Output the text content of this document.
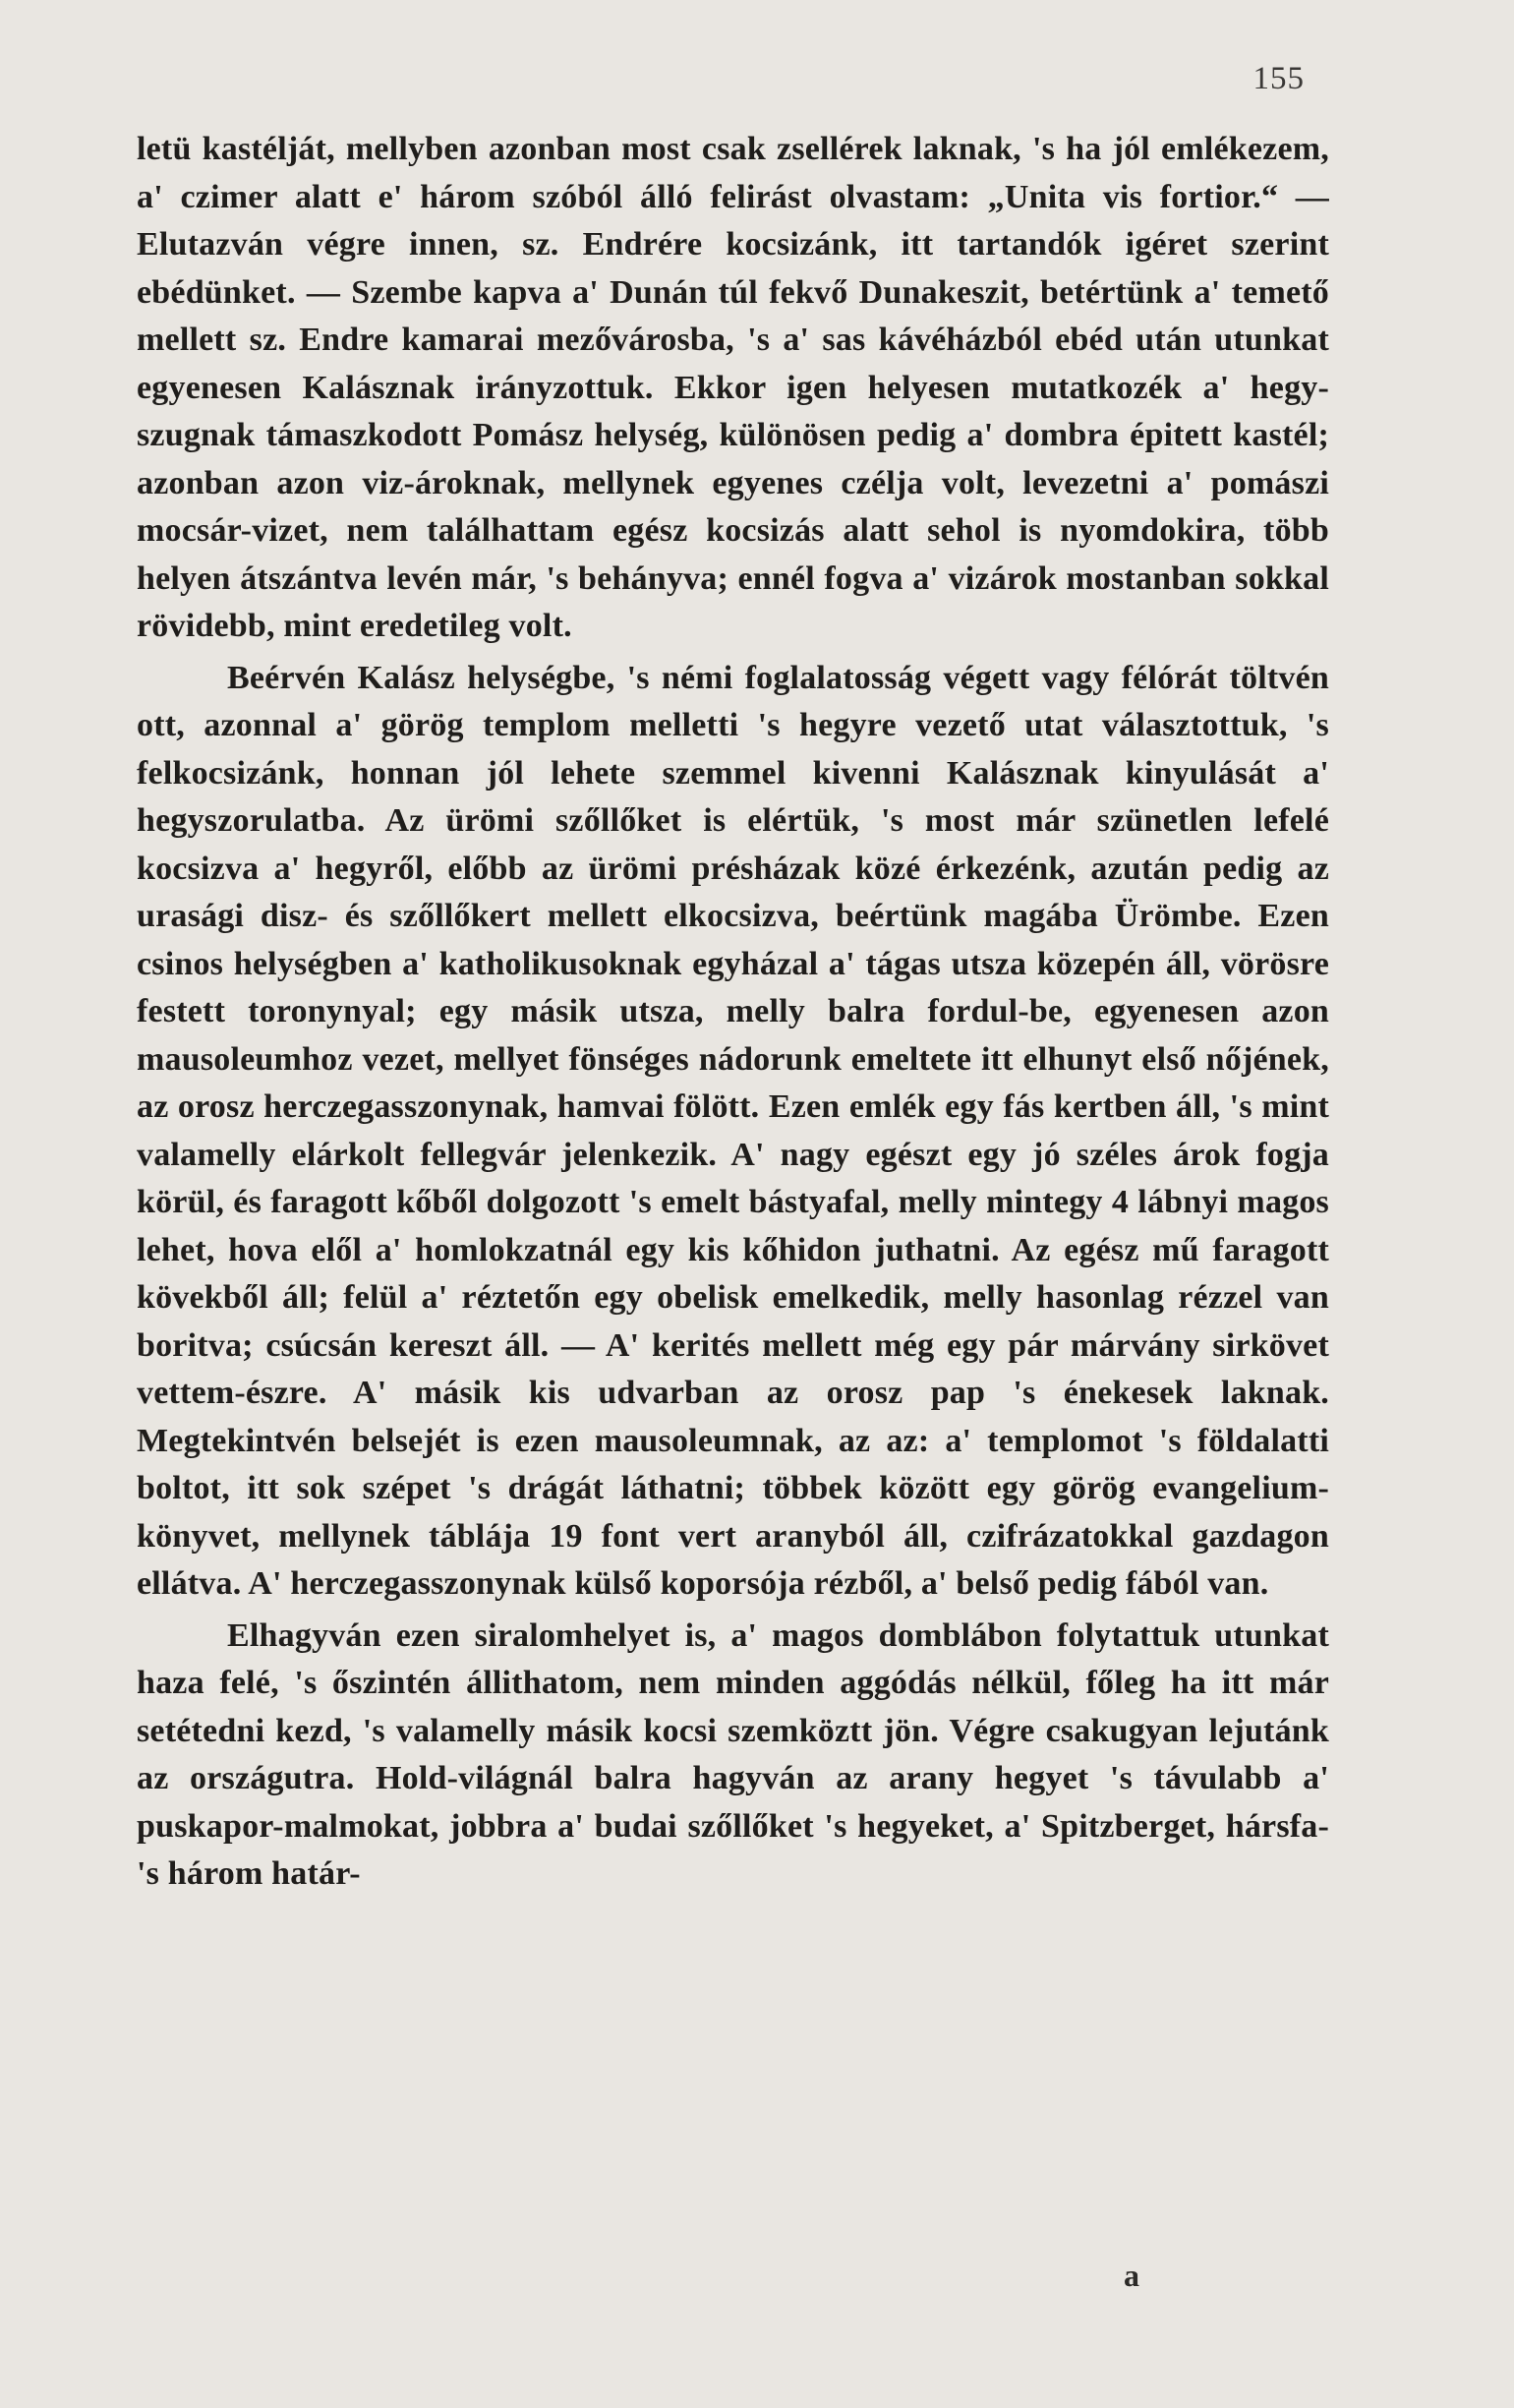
155

letü kastélját, mellyben azonban most csak zsellérek laknak, 's ha jól emlékezem, a' czimer alatt e' három szóból álló felirást olvastam: „Unita vis fortior.“ — Elutazván végre innen, sz. Endrére kocsizánk, itt tartandók igéret szerint ebédünket. — Szembe kapva a' Dunán túl fekvő Dunakeszit, betértünk a' temető mellett sz. Endre kamarai mezővárosba, 's a' sas kávéházból ebéd után utunkat egyenesen Kalásznak irányzottuk. Ekkor igen helyesen mutatkozék a' hegy-szugnak támaszkodott Pomász helység, különösen pedig a' dombra épitett kastél; azonban azon viz-ároknak, mellynek egyenes czélja volt, levezetni a' pomászi mocsár-vizet, nem találhattam egész kocsizás alatt sehol is nyomdokira, több helyen átszántva levén már, 's behányva; ennél fogva a' vizárok mostanban sokkal rövidebb, mint eredetileg volt.

Beérvén Kalász helységbe, 's némi foglalatosság végett vagy félórát töltvén ott, azonnal a' görög templom melletti 's hegyre vezető utat választottuk, 's felkocsizánk, honnan jól lehete szemmel kivenni Kalásznak kinyulását a' hegyszorulatba. Az ürömi szőllőket is elértük, 's most már szünetlen lefelé kocsizva a' hegyről, előbb az ürömi présházak közé érkezénk, azután pedig az urasági disz- és szőllőkert mellett elkocsizva, beértünk magába Ürömbe. Ezen csinos helységben a' katholikusoknak egyházal a' tágas utsza közepén áll, vörösre festett toronynyal; egy másik utsza, melly balra fordul-be, egyenesen azon mausoleumhoz vezet, mellyet fönséges nádorunk emeltete itt elhunyt első nőjének, az orosz herczegasszonynak, hamvai fölött. Ezen emlék egy fás kertben áll, 's mint valamelly elárkolt fellegvár jelenkezik. A' nagy egészt egy jó széles árok fogja körül, és faragott kőből dolgozott 's emelt bástyafal, melly mintegy 4 lábnyi magos lehet, hova elől a' homlokzatnál egy kis kőhidon juthatni. Az egész mű faragott kövekből áll; felül a' réztetőn egy obelisk emelkedik, melly hasonlag rézzel van boritva; csúcsán kereszt áll. — A' kerités mellett még egy pár márvány sirkövet vettem-észre. A' másik kis udvarban az orosz pap 's énekesek laknak. Megtekintvén belsejét is ezen mausoleumnak, az az: a' templomot 's földalatti boltot, itt sok szépet 's drágát láthatni; többek között egy görög evangelium-könyvet, mellynek táblája 19 font vert aranyból áll, czifrázatokkal gazdagon ellátva. A' herczegasszonynak külső koporsója rézből, a' belső pedig fából van.

Elhagyván ezen siralomhelyet is, a' magos domblábon folytattuk utunkat haza felé, 's őszintén állithatom, nem minden aggódás nélkül, főleg ha itt már setétedni kezd, 's valamelly másik kocsi szemköztt jön. Végre csakugyan lejutánk az országutra. Hold-világnál balra hagyván az arany hegyet 's távulabb a' puskapor-malmokat, jobbra a' budai szőllőket 's hegyeket, a' Spitzberget, hársfa- 's három határ-

a
